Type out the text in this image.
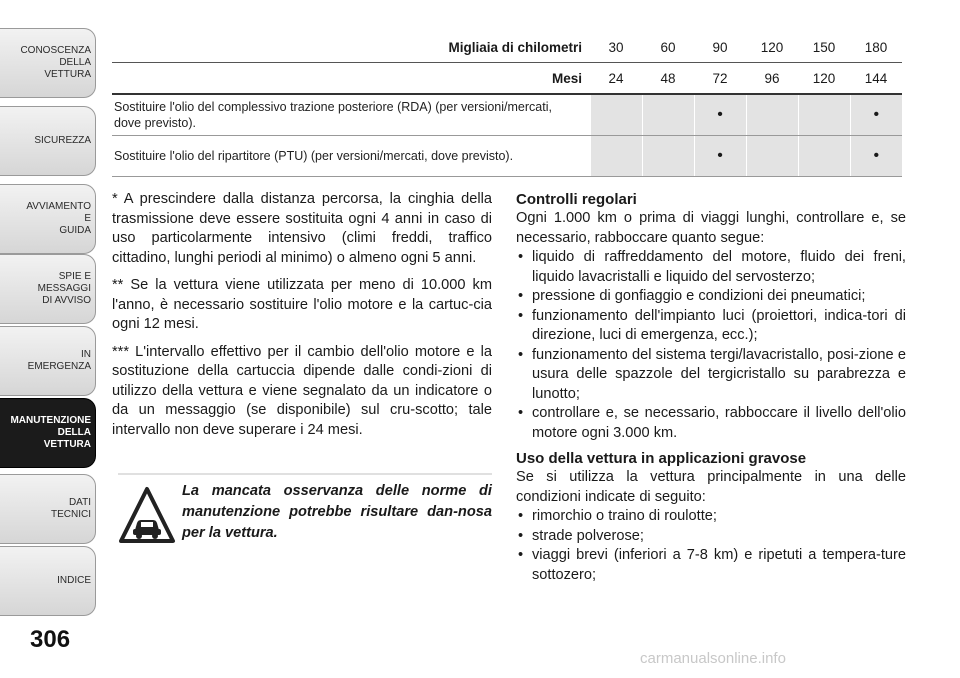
CONOSCENZA
DELLA
VETTURA
SICUREZZA
AVVIAMENTO
E
GUIDA
SPIE E
MESSAGGI
DI AVVISO
IN
EMERGENZA
MANUTENZIONE
DELLA
VETTURA
DATI
TECNICI
INDICE
306
Migliaia di chilometri	30	60	90	120	150	180
Mesi	24	48	72	96	120	144
Sostituire l'olio del complessivo trazione posteriore (RDA) (per versioni/mercati, dove previsto).			•			•
Sostituire l'olio del ripartitore (PTU) (per versioni/mercati, dove previsto).			•			•

* A prescindere dalla distanza percorsa, la cinghia della trasmissione deve essere sostituita ogni 4 anni in caso di uso particolarmente intensivo (climi freddi, traffico cittadino, lunghi periodi al minimo) o almeno ogni 5 anni.

** Se la vettura viene utilizzata per meno di 10.000 km l'anno, è necessario sostituire l'olio motore e la cartuc-cia ogni 12 mesi.

*** L'intervallo effettivo per il cambio dell'olio motore e la sostituzione della cartuccia dipende dalle condi-zioni di utilizzo della vettura e viene segnalato da un indicatore o da un messaggio (se disponibile) sul cru-scotto; tale intervallo non deve superare i 24 mesi.

La mancata osservanza delle norme di manutenzione potrebbe risultare dan-nosa per la vettura.
Controlli regolari

Ogni 1.000 km o prima di viaggi lunghi, controllare e, se necessario, rabboccare quanto segue:

• liquido di raffreddamento del motore, fluido dei freni, liquido lavacristalli e liquido del servosterzo;
• pressione di gonfiaggio e condizioni dei pneumatici;
• funzionamento dell'impianto luci (proiettori, indica-tori di direzione, luci di emergenza, ecc.);
• funzionamento del sistema tergi/lavacristallo, posi-zione e usura delle spazzole del tergicristallo su parabrezza e lunotto;
• controllare e, se necessario, rabboccare il livello dell'olio motore ogni 3.000 km.
Uso della vettura in applicazioni gravose

Se si utilizza la vettura principalmente in una delle condizioni indicate di seguito:

• rimorchio o traino di roulotte;
• strade polverose;
• viaggi brevi (inferiori a 7-8 km) e ripetuti a tempera-ture sottozero;
carmanualsonline.info
